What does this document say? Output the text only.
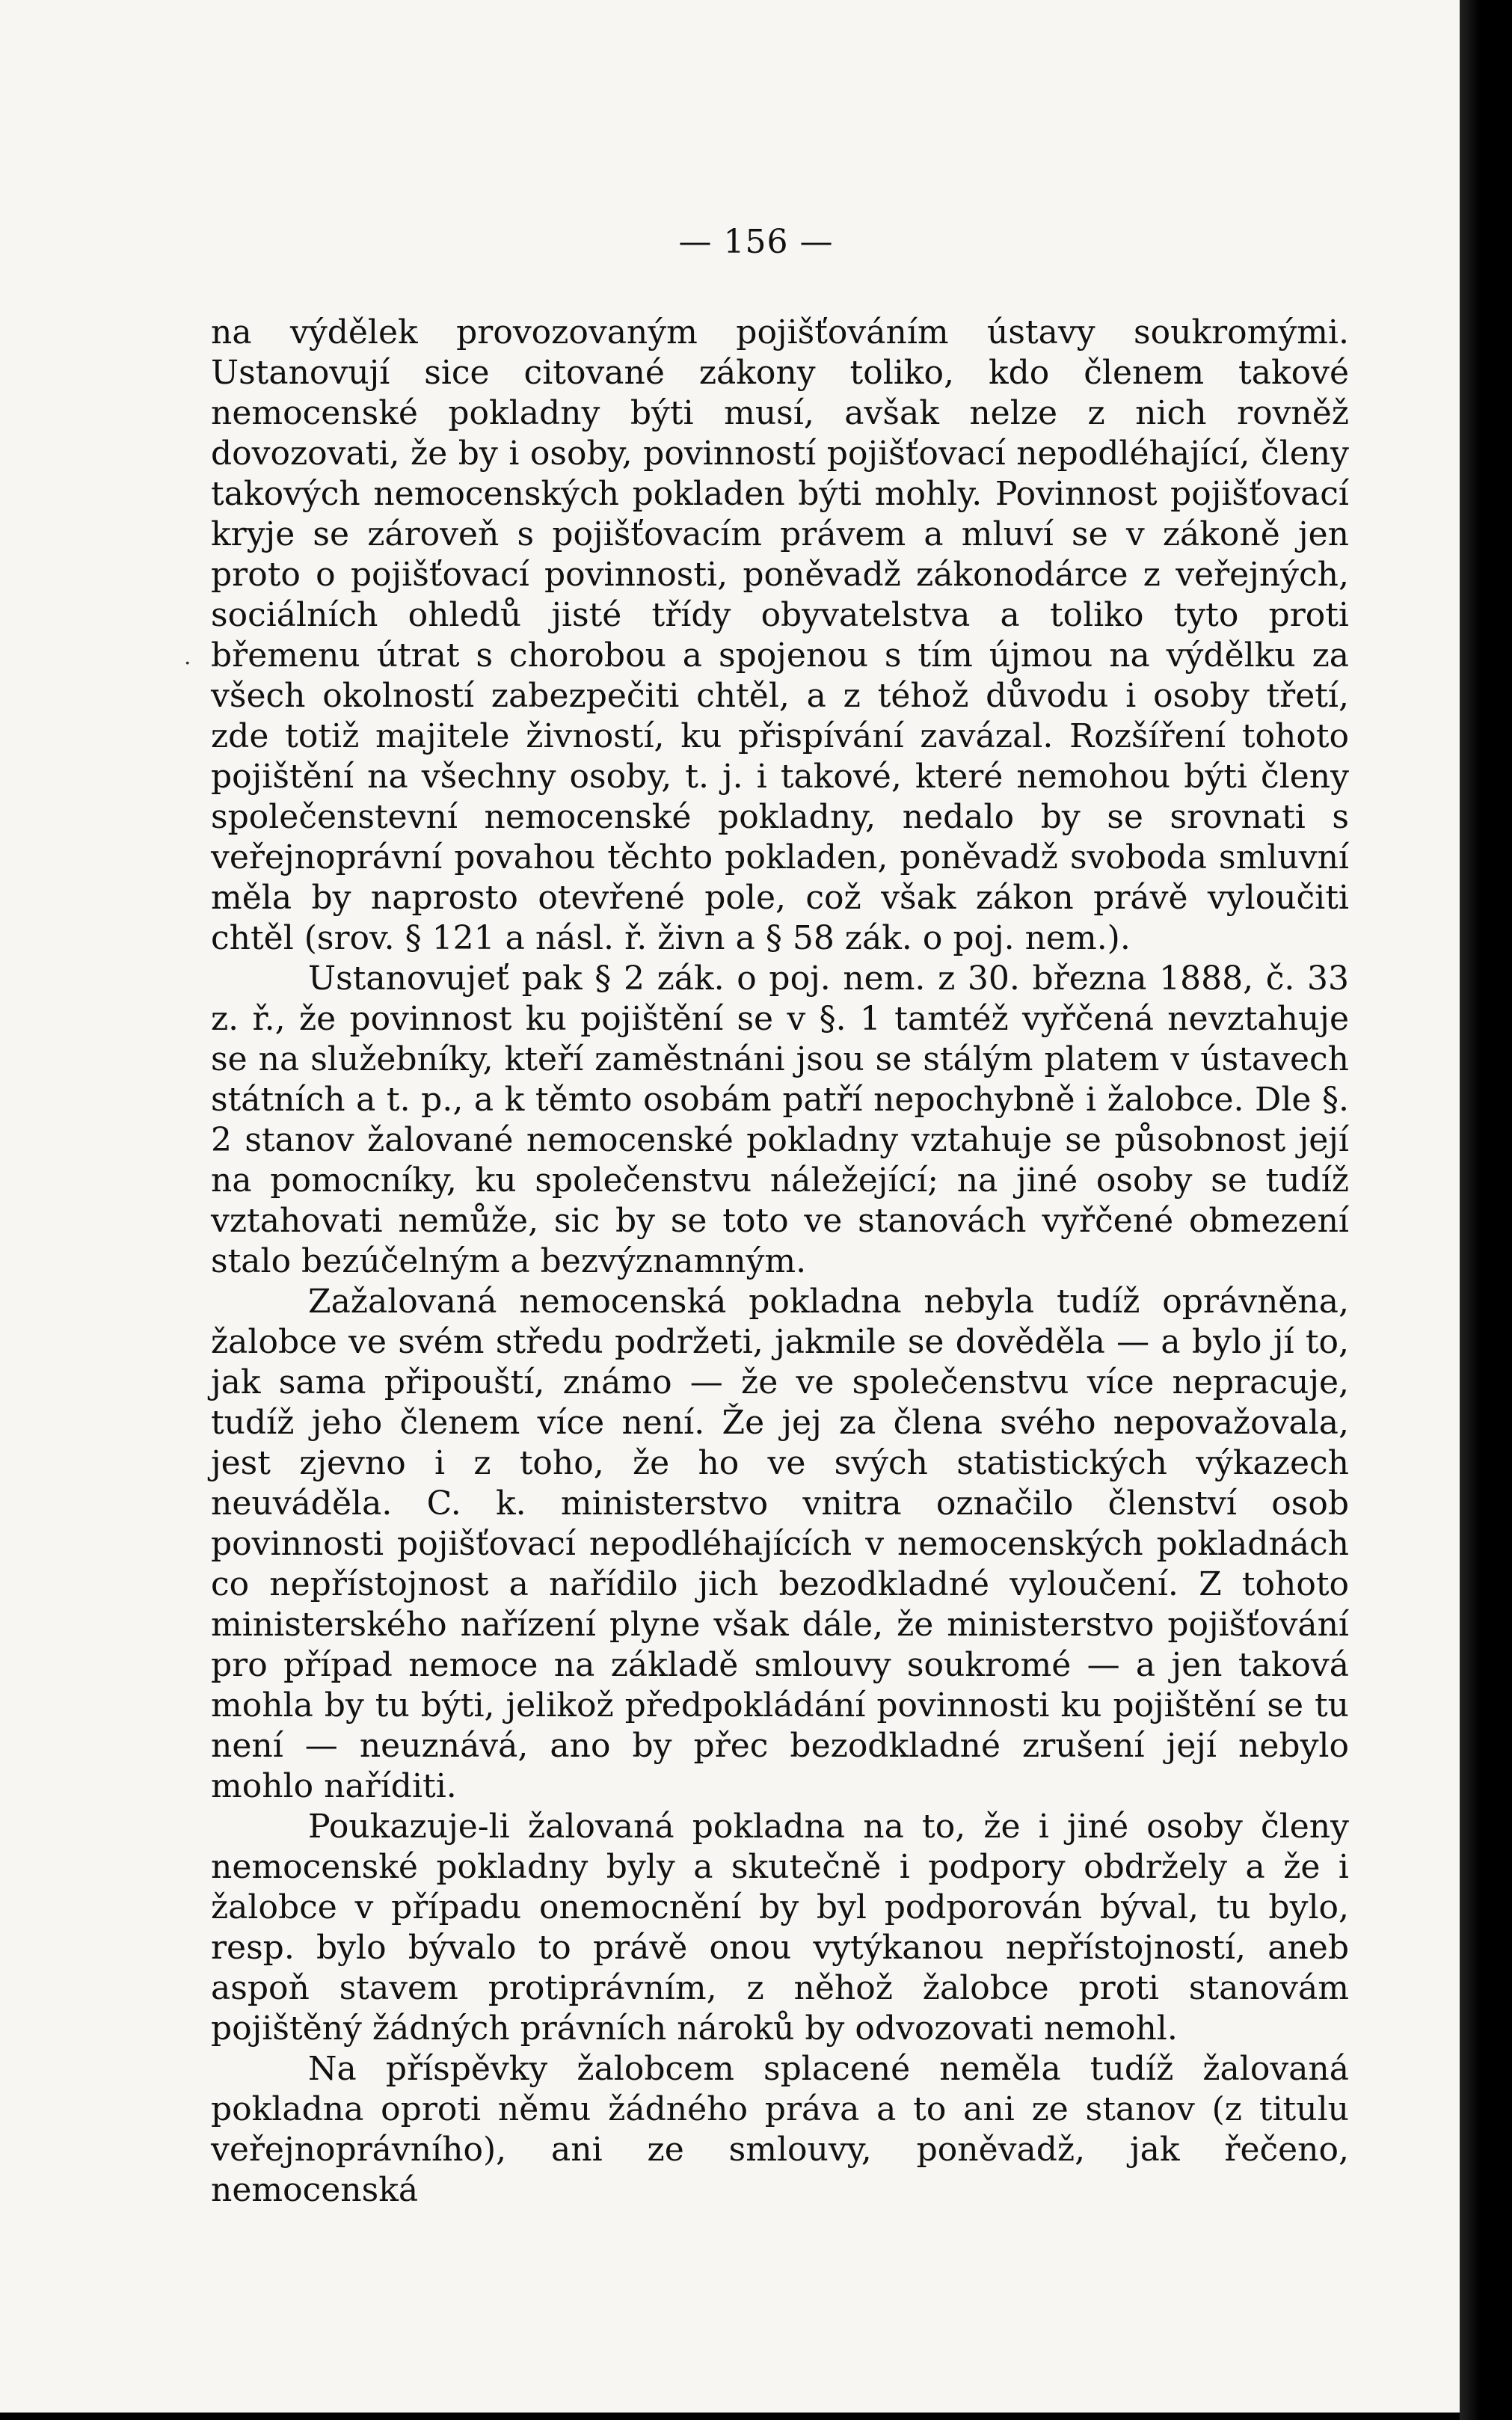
— 156 —
·

na výdělek provozovaným pojišťováním ústavy soukromými. Ustanovují sice citované zákony toliko, kdo členem takové nemocenské pokladny býti musí, avšak nelze z nich rovněž dovozovati, že by i osoby, povinností pojišťovací nepodléhající, členy takových nemocenských pokladen býti mohly. Povinnost pojišťovací kryje se zároveň s pojišťovacím právem a mluví se v zákoně jen proto o pojišťovací povinnosti, poněvadž zákonodárce z veřejných, sociálních ohledů jisté třídy obyvatelstva a toliko tyto proti břemenu útrat s chorobou a spojenou s tím újmou na výdělku za všech okolností zabezpečiti chtěl, a z téhož důvodu i osoby třetí, zde totiž majitele živností, ku přispívání zavázal. Rozšíření tohoto pojištění na všechny osoby, t. j. i takové, které nemohou býti členy společenstevní nemocenské pokladny, nedalo by se srovnati s veřejnoprávní povahou těchto pokladen, poněvadž svoboda smluvní měla by naprosto otevřené pole, což však zákon právě vyloučiti chtěl (srov. § 121 a násl. ř. živn a § 58 zák. o poj. nem.).

Ustanovujeť pak § 2 zák. o poj. nem. z 30. března 1888, č. 33 z. ř., že povinnost ku pojištění se v §. 1 tamtéž vyřčená nevztahuje se na služebníky, kteří zaměstnáni jsou se stálým platem v ústavech státních a t. p., a k těmto osobám patří nepochybně i žalobce. Dle §. 2 stanov žalované nemocenské pokladny vztahuje se působnost její na pomocníky, ku společenstvu náležející; na jiné osoby se tudíž vztahovati nemůže, sic by se toto ve stanovách vyřčené obmezení stalo bezúčelným a bezvýznamným.

Zažalovaná nemocenská pokladna nebyla tudíž oprávněna, žalobce ve svém středu podržeti, jakmile se dověděla — a bylo jí to, jak sama připouští, známo — že ve společenstvu více nepracuje, tudíž jeho členem více není. Že jej za člena svého nepovažovala, jest zjevno i z toho, že ho ve svých statistických výkazech neuváděla. C. k. ministerstvo vnitra označilo členství osob povinnosti pojišťovací nepodléhajících v nemocenských pokladnách co nepřístojnost a nařídilo jich bezodkladné vyloučení. Z tohoto ministerského nařízení plyne však dále, že ministerstvo pojišťování pro případ nemoce na základě smlouvy soukromé — a jen taková mohla by tu býti, jelikož předpokládání povinnosti ku pojištění se tu není — neuznává, ano by přec bezodkladné zrušení její nebylo mohlo naříditi.

Poukazuje-li žalovaná pokladna na to, že i jiné osoby členy nemocenské pokladny byly a skutečně i podpory obdržely a že i žalobce v případu onemocnění by byl podporován býval, tu bylo, resp. bylo bývalo to právě onou vytýkanou nepřístojností, aneb aspoň stavem protiprávním, z něhož žalobce proti stanovám pojištěný žádných právních nároků by odvozovati nemohl.

Na příspěvky žalobcem splacené neměla tudíž žalovaná pokladna oproti němu žádného práva a to ani ze stanov (z titulu veřejnoprávního), ani ze smlouvy, poněvadž, jak řečeno, nemocenská
